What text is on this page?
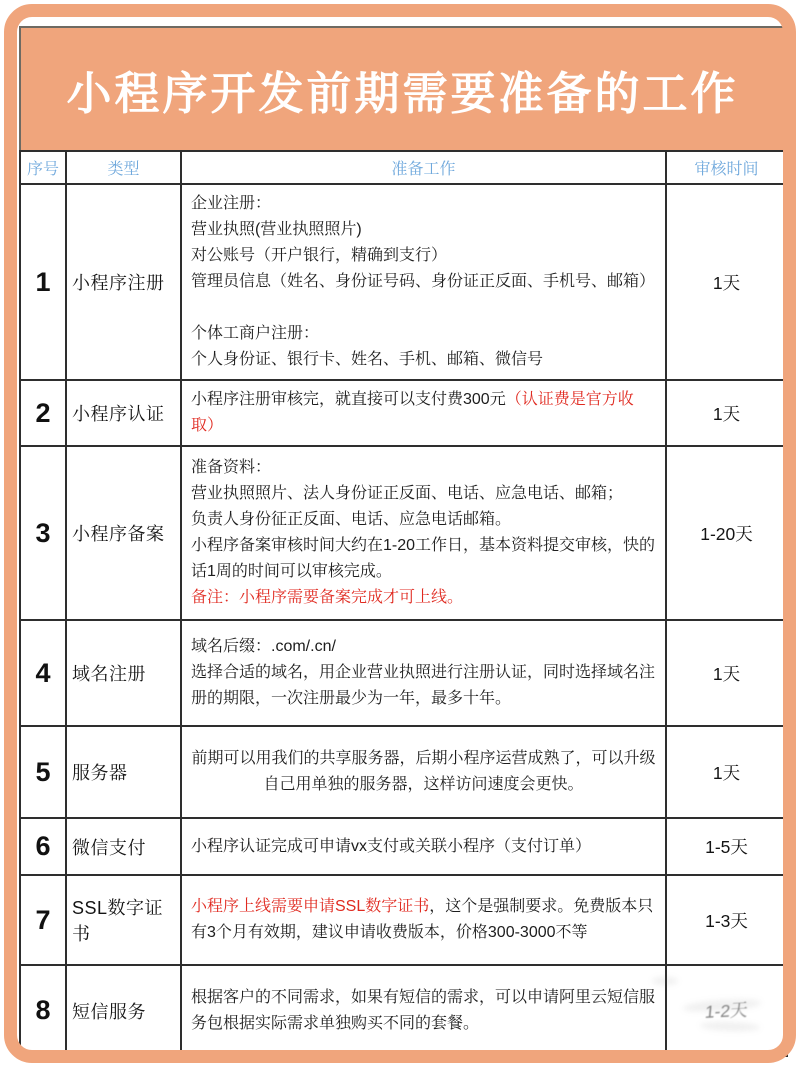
小程序开发前期需要准备的工作
序号	类型	准备工作	审核时间
1	小程序注册	
企业注册：
营业执照(营业执照照片)
对公账号（开户银行，精确到支行）
管理员信息（姓名、身份证号码、身份证正反面、手机号、邮箱）

个体工商户注册：
个人身份证、银行卡、姓名、手机、邮箱、微信号
	1天
2	小程序认证	小程序注册审核完，就直接可以支付费300元（认证费是官方收取）	1天
3	小程序备案	准备资料：
营业执照照片、法人身份证正反面、电话、应急电话、邮箱；
负责人身份征正反面、电话、应急电话邮箱。
小程序备案审核时间大约在1-20工作日，基本资料提交审核，快的话1周的时间可以审核完成。
备注：小程序需要备案完成才可上线。	1-20天
4	域名注册	域名后缀：.com/.cn/
选择合适的域名，用企业营业执照进行注册认证，同时选择域名注册的期限，一次注册最少为一年，最多十年。	1天
5	服务器	前期可以用我们的共享服务器，后期小程序运营成熟了，可以升级自己用单独的服务器，这样访问速度会更快。	1天
6	微信支付	小程序认证完成可申请vx支付或关联小程序（支付订单）	1-5天
7	SSL数字证书	小程序上线需要申请SSL数字证书，这个是强制要求。免费版本只有3个月有效期，建议申请收费版本，价格300-3000不等	1-3天
8	短信服务	根据客户的不同需求，如果有短信的需求，可以申请阿里云短信服务包根据实际需求单独购买不同的套餐。	1-2天
